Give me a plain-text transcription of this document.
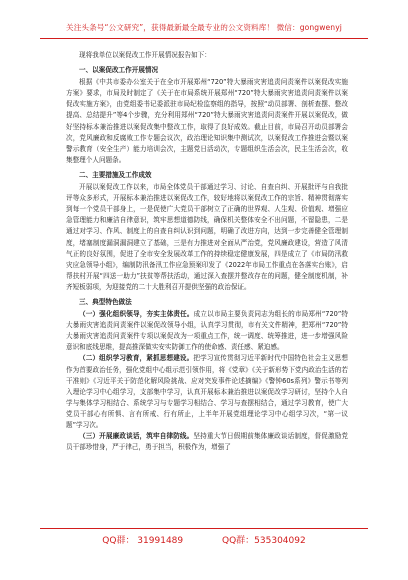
关注头条号“公文研究”，获得最新最全最专业的公文资料库！ 微信：gongwenyj

现将我单位以案促改工作开展情况报告如下：

一、以案促改工作开展情况

根据《中共市委办公室关于在全市开展郑州“720”特大暴雨灾害追责问责案件以案促改实施方案》要求，市局及时制定了《关于在市局系统开展郑州“720”特大暴雨灾害追责问责案件以案促改实施方案》，由党组委书记委派驻市局纪检监察组的指导，按照“动员部署、剖析查摆、整改提高、总结提升”等4个步骤，充分利用郑州“720”特大暴雨灾害追责问责案件开展以案促改，做好坚持标本兼治推进以案促改集中整改工作，取得了良好成效。截止目前，市局召开动员部署会次，党风廉政和反腐败工作专题会议次，政治理论知识集中测试次，以案促改工作推进会暨以案警示教育（安全生产）能力培训会次，主题党日活动次，专题组织生活会次，民主生活会次，收集整理个人问题条。

二、主要措施及工作成效

开展以案促改工作以来，市局全体党员干部通过学习、讨论、自查自纠、开展批评与自我批评等众多形式，开展标本兼治推进以案促改工作，较好地将以案促改工作的宗旨、精神贯彻落实到每一个党员干部身上，一是促使广大党员干部树立了正确的世界观、人生观、价值观、增强应急管理能力和廉洁自律意识，筑牢思想道德防线，确保机关整体安全不出问题，不留隐患，二是通过对学习、作风、制度上的自查自纠认识到问题，明确了改进方向，达到一步完善健全管理制度，堵塞制度漏洞漏洞建立了基础，三是有力推进对全面从严治党，党风廉政建设，营造了风清气正的良好氛围，促进了全市安全发展改革工作的持续稳定健康发展，四是成立了《市局防汛救灾应急领导小组》，编制防汛备汛工作应急预案印发了《2022年市局工作重点在各落实台账》，启帮扶村开展“四送一助力”扶贫等帮扶活动，通过深入查摆并整改存在的问题，健全制度机制，补齐短板弱项，为迎接党的二十大胜利召开提供坚强的政治保证。

三、典型特色做法

（一）强化组织领导，夯实主体责任。成立以市局主要负责同志为组长的市局郑州“720”特大暴雨灾害追责问责案件以案促改领导小组，认真学习贯彻，市有关文件精神，把郑州“720”特大暴雨灾害追责问责案件专项以案促改为一项重点工作，统一调度、统筹推进，进一步增强风险意识和底线思维，提高推深做实安实防御工作的使命感、责任感、紧迫感。

（二）组织学习教育，紧抓思想建设。把学习宣传贯彻习近平新时代中国特色社会主义思想作为首要政治任务，强化党组中心组示范引领作用，将《党章》《关于新形势下党内政治生活的若干准则》《习近平关于防范化解风险挑战、应对突发事件论述摘编》《警钟60s系列》警示书等列入理论学习中心组学习，支部集中学习，认真开展标本兼治推进以案促改学习研讨，坚持个人自学与集体学习相结合、系统学习与专题学习相结合、学习与查摆相结合，通过学习教育，使广大党员干部心有所惧、言有所戒、行有所止，上半年开展党组理论学习中心组学习次，“第一议题”学习次。

（三）开展廉政谈话，筑牢自律防线。坚持重大节日假期前集体廉政谈话制度，督促激励党员干部珍惜身，严于律己，勇于担当，积极作为，增强了

QQ群： 31991489	QQ群：535304092
